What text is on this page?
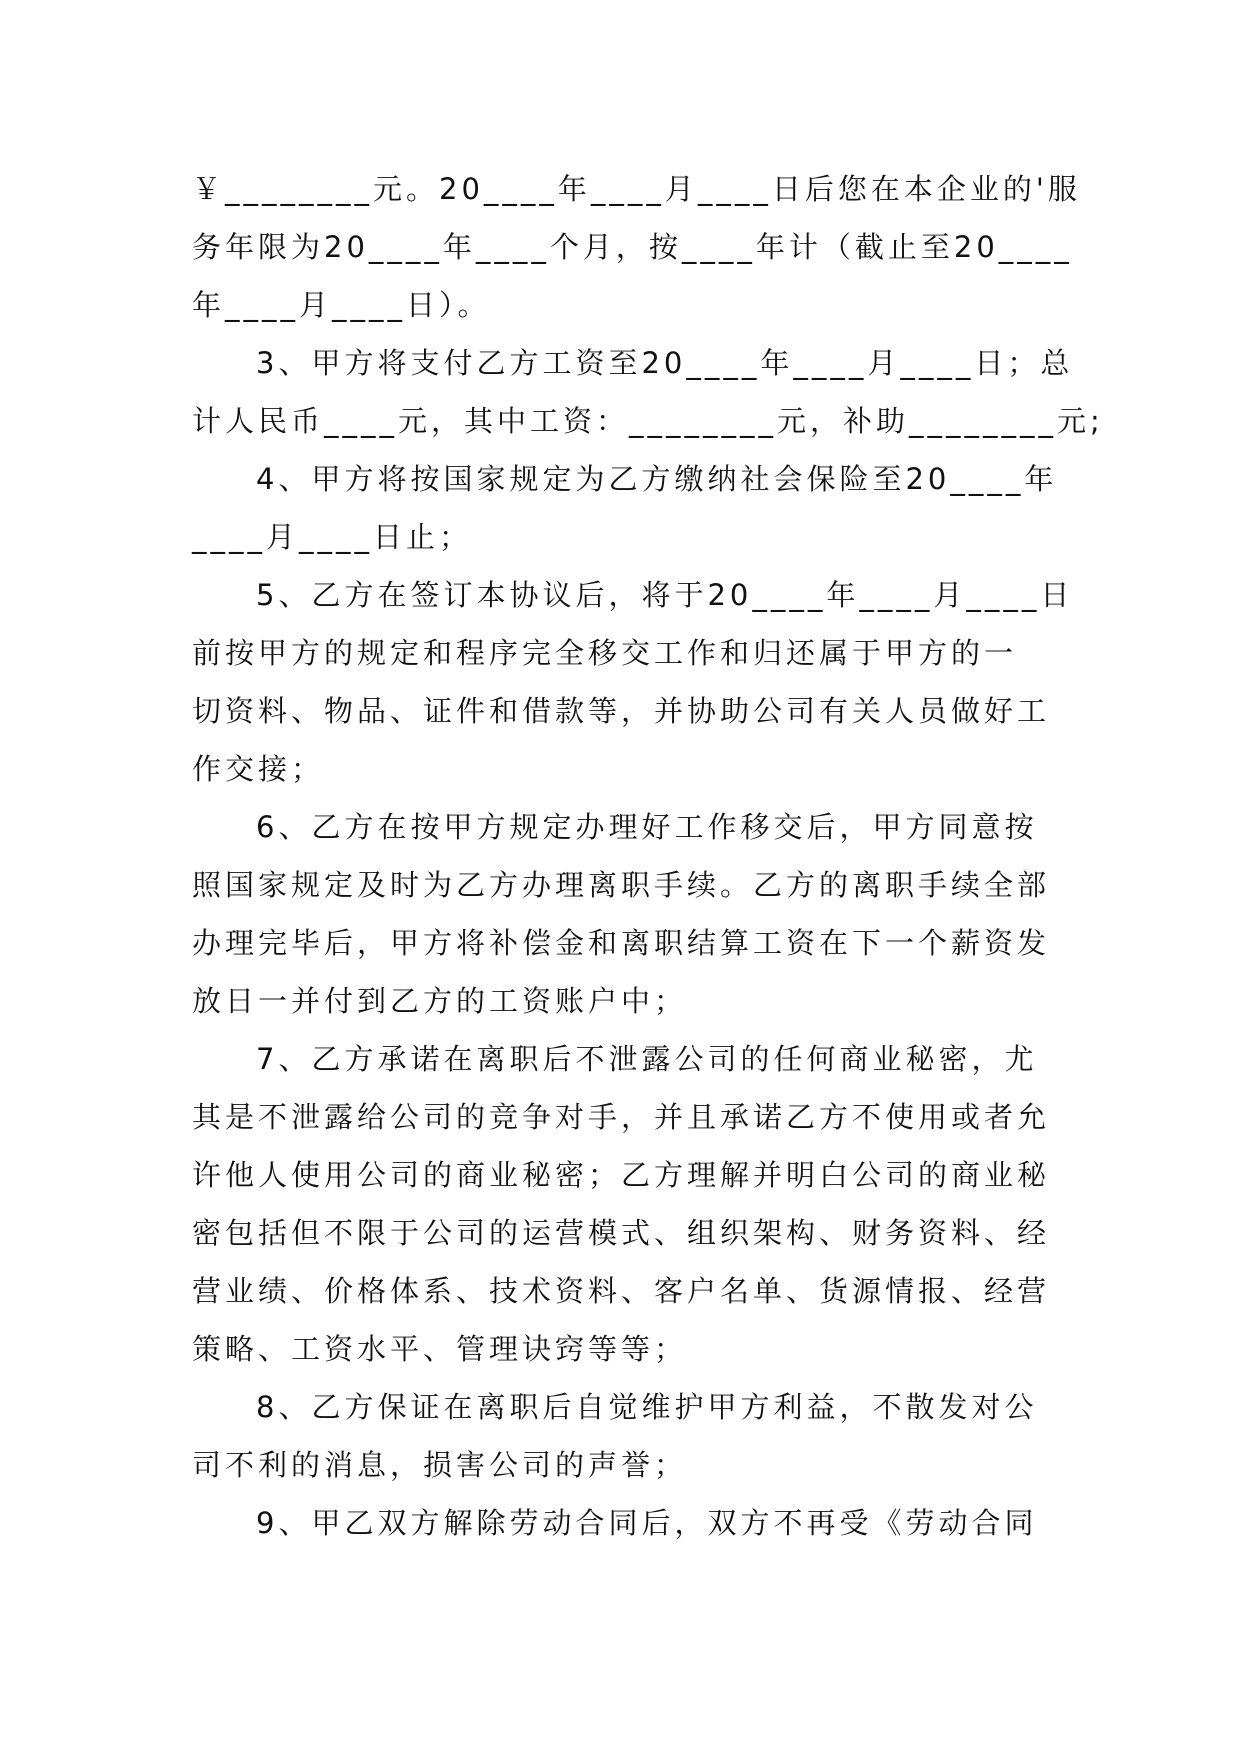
￥________元。20____年____月____日后您在本企业的'服
务年限为20____年____个月，按____年计（截止至20____
年____月____日）。
3、甲方将支付乙方工资至20____年____月____日；总
计人民币____元，其中工资：________元，补助________元;
4、甲方将按国家规定为乙方缴纳社会保险至20____年
____月____日止；
5、乙方在签订本协议后，将于20____年____月____日
前按甲方的规定和程序完全移交工作和归还属于甲方的一
切资料、物品、证件和借款等，并协助公司有关人员做好工
作交接；
6、乙方在按甲方规定办理好工作移交后，甲方同意按
照国家规定及时为乙方办理离职手续。乙方的离职手续全部
办理完毕后，甲方将补偿金和离职结算工资在下一个薪资发
放日一并付到乙方的工资账户中；
7、乙方承诺在离职后不泄露公司的任何商业秘密，尤
其是不泄露给公司的竞争对手，并且承诺乙方不使用或者允
许他人使用公司的商业秘密；乙方理解并明白公司的商业秘
密包括但不限于公司的运营模式、组织架构、财务资料、经
营业绩、价格体系、技术资料、客户名单、货源情报、经营
策略、工资水平、管理诀窍等等；
8、乙方保证在离职后自觉维护甲方利益，不散发对公
司不利的消息，损害公司的声誉；
9、甲乙双方解除劳动合同后，双方不再受《劳动合同
